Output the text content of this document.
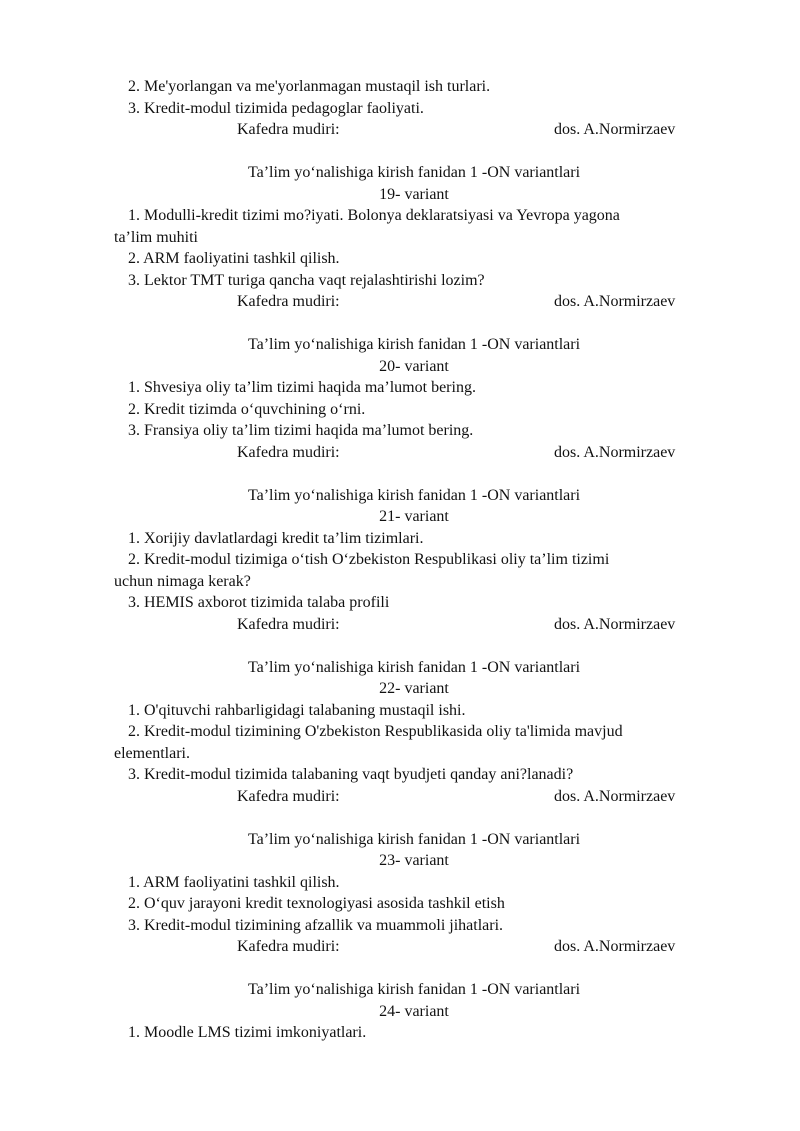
2. Me'yorlangan va me'yorlanmagan mustaqil ish turlari.

3. Kredit-modul tizimida pedagoglar faoliyati.

Kafedra mudiri:	dos. A.Normirzaev

Ta’lim yo‘nalishiga kirish fanidan 1 -ON variantlari

19- variant

1. Modulli-kredit tizimi mo?iyati. Bolonya deklaratsiyasi va Yevropa yagona

ta’lim muhiti

2. ARM faoliyatini tashkil qilish.

3. Lektor TMT turiga qancha vaqt rejalashtirishi lozim?

Kafedra mudiri:	dos. A.Normirzaev

Ta’lim yo‘nalishiga kirish fanidan 1 -ON variantlari

20- variant

1. Shvesiya oliy ta’lim tizimi haqida ma’lumot bering.

2. Kredit tizimda o‘quvchining o‘rni.

3. Fransiya oliy ta’lim tizimi haqida ma’lumot bering.

Kafedra mudiri:	dos. A.Normirzaev

Ta’lim yo‘nalishiga kirish fanidan 1 -ON variantlari

21- variant

1. Xorijiy davlatlardagi kredit ta’lim tizimlari.

2. Kredit-modul tizimiga o‘tish O‘zbekiston Respublikasi oliy ta’lim tizimi

uchun nimaga kerak?

3. HEMIS axborot tizimida talaba profili

Kafedra mudiri:	dos. A.Normirzaev

Ta’lim yo‘nalishiga kirish fanidan 1 -ON variantlari

22- variant

1. O'qituvchi rahbarligidagi talabaning mustaqil ishi.

2. Kredit-modul tizimining O'zbekiston Respublikasida oliy ta'limida mavjud

elementlari.

3. Kredit-modul tizimida talabaning vaqt byudjeti qanday ani?lanadi?

Kafedra mudiri:	dos. A.Normirzaev

Ta’lim yo‘nalishiga kirish fanidan 1 -ON variantlari

23- variant

1. ARM faoliyatini tashkil qilish.

2. O‘quv jarayoni kredit texnologiyasi asosida tashkil etish

3. Kredit-modul tizimining afzallik va muammoli jihatlari.

Kafedra mudiri:	dos. A.Normirzaev

Ta’lim yo‘nalishiga kirish fanidan 1 -ON variantlari

24- variant

1. Moodle LMS tizimi imkoniyatlari.
